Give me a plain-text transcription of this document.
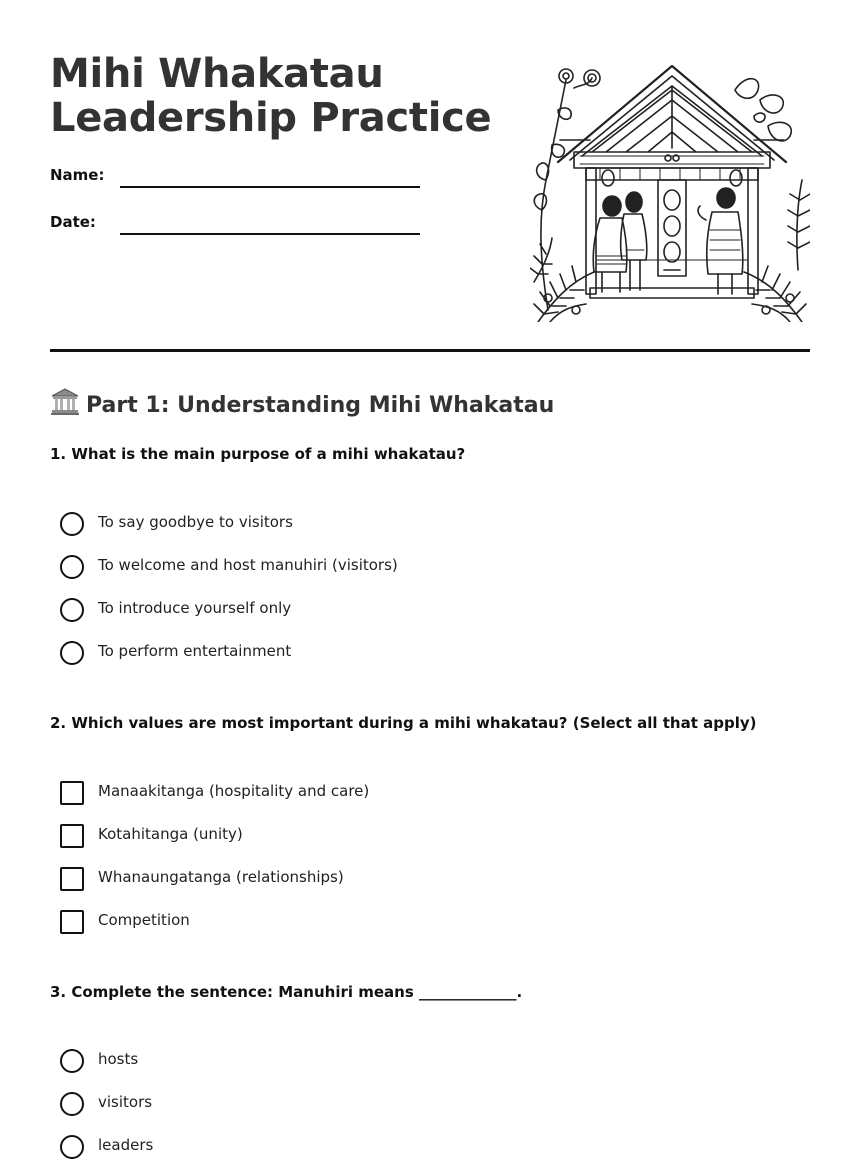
Mihi Whakatau
Leadership Practice
Name:
Date:
Part 1: Understanding Mihi Whakatau

1. What is the main purpose of a mihi whakatau?

To say goodbye to visitors
To welcome and host manuhiri (visitors)
To introduce yourself only
To perform entertainment

2. Which values are most important during a mihi whakatau? (Select all that apply)

Manaakitanga (hospitality and care)
Kotahitanga (unity)
Whanaungatanga (relationships)
Competition

3. Complete the sentence: Manuhiri means _____________.

hosts
visitors
leaders
